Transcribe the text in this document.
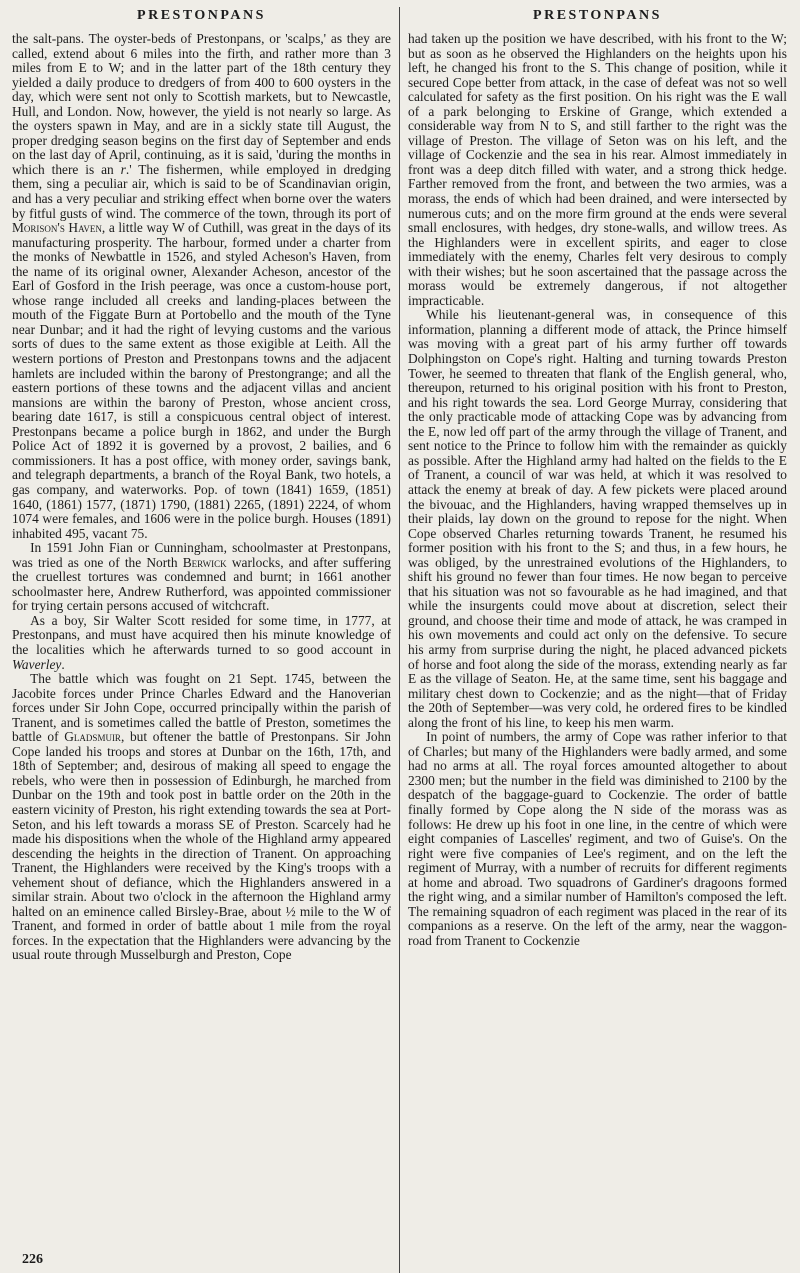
PRESTONPANS

the salt-pans. The oyster-beds of Prestonpans, or 'scalps,' as they are called, extend about 6 miles into the firth, and rather more than 3 miles from E to W; and in the latter part of the 18th century they yielded a daily produce to dredgers of from 400 to 600 oysters in the day, which were sent not only to Scottish markets, but to Newcastle, Hull, and London. Now, however, the yield is not nearly so large. As the oysters spawn in May, and are in a sickly state till August, the proper dredging season begins on the first day of September and ends on the last day of April, continuing, as it is said, 'during the months in which there is an r.' The fishermen, while employed in dredging them, sing a peculiar air, which is said to be of Scandinavian origin, and has a very peculiar and striking effect when borne over the waters by fitful gusts of wind. The commerce of the town, through its port of Morison's Haven, a little way W of Cuthill, was great in the days of its manufacturing prosperity. The harbour, formed under a charter from the monks of Newbattle in 1526, and styled Acheson's Haven, from the name of its original owner, Alexander Acheson, ancestor of the Earl of Gosford in the Irish peerage, was once a custom-house port, whose range included all creeks and landing-places between the mouth of the Figgate Burn at Portobello and the mouth of the Tyne near Dunbar; and it had the right of levying customs and the various sorts of dues to the same extent as those exigible at Leith. All the western portions of Preston and Prestonpans towns and the adjacent hamlets are included within the barony of Prestongrange; and all the eastern portions of these towns and the adjacent villas and ancient mansions are within the barony of Preston, whose ancient cross, bearing date 1617, is still a conspicuous central object of interest. Prestonpans became a police burgh in 1862, and under the Burgh Police Act of 1892 it is governed by a provost, 2 bailies, and 6 commissioners. It has a post office, with money order, savings bank, and telegraph departments, a branch of the Royal Bank, two hotels, a gas company, and waterworks. Pop. of town (1841) 1659, (1851) 1640, (1861) 1577, (1871) 1790, (1881) 2265, (1891) 2224, of whom 1074 were females, and 1606 were in the police burgh. Houses (1891) inhabited 495, vacant 75.

In 1591 John Fian or Cunningham, schoolmaster at Prestonpans, was tried as one of the North Berwick warlocks, and after suffering the cruellest tortures was condemned and burnt; in 1661 another schoolmaster here, Andrew Rutherford, was appointed commissioner for trying certain persons accused of witchcraft.

As a boy, Sir Walter Scott resided for some time, in 1777, at Prestonpans, and must have acquired then his minute knowledge of the localities which he afterwards turned to so good account in Waverley.

The battle which was fought on 21 Sept. 1745, between the Jacobite forces under Prince Charles Edward and the Hanoverian forces under Sir John Cope, occurred principally within the parish of Tranent, and is sometimes called the battle of Preston, sometimes the battle of Gladsmuir, but oftener the battle of Prestonpans. Sir John Cope landed his troops and stores at Dunbar on the 16th, 17th, and 18th of September; and, desirous of making all speed to engage the rebels, who were then in possession of Edinburgh, he marched from Dunbar on the 19th and took post in battle order on the 20th in the eastern vicinity of Preston, his right extending towards the sea at Port-Seton, and his left towards a morass SE of Preston. Scarcely had he made his dispositions when the whole of the Highland army appeared descending the heights in the direction of Tranent. On approaching Tranent, the Highlanders were received by the King's troops with a vehement shout of defiance, which the Highlanders answered in a similar strain. About two o'clock in the afternoon the Highland army halted on an eminence called Birsley-Brae, about ½ mile to the W of Tranent, and formed in order of battle about 1 mile from the royal forces. In the expectation that the Highlanders were advancing by the usual route through Musselburgh and Preston, Cope

PRESTONPANS

had taken up the position we have described, with his front to the W; but as soon as he observed the Highlanders on the heights upon his left, he changed his front to the S. This change of position, while it secured Cope better from attack, in the case of defeat was not so well calculated for safety as the first position. On his right was the E wall of a park belonging to Erskine of Grange, which extended a considerable way from N to S, and still farther to the right was the village of Preston. The village of Seton was on his left, and the village of Cockenzie and the sea in his rear. Almost immediately in front was a deep ditch filled with water, and a strong thick hedge. Farther removed from the front, and between the two armies, was a morass, the ends of which had been drained, and were intersected by numerous cuts; and on the more firm ground at the ends were several small enclosures, with hedges, dry stone-walls, and willow trees. As the Highlanders were in excellent spirits, and eager to close immediately with the enemy, Charles felt very desirous to comply with their wishes; but he soon ascertained that the passage across the morass would be extremely dangerous, if not altogether impracticable.

While his lieutenant-general was, in consequence of this information, planning a different mode of attack, the Prince himself was moving with a great part of his army further off towards Dolphingston on Cope's right. Halting and turning towards Preston Tower, he seemed to threaten that flank of the English general, who, thereupon, returned to his original position with his front to Preston, and his right towards the sea. Lord George Murray, considering that the only practicable mode of attacking Cope was by advancing from the E, now led off part of the army through the village of Tranent, and sent notice to the Prince to follow him with the remainder as quickly as possible. After the Highland army had halted on the fields to the E of Tranent, a council of war was held, at which it was resolved to attack the enemy at break of day. A few pickets were placed around the bivouac, and the Highlanders, having wrapped themselves up in their plaids, lay down on the ground to repose for the night. When Cope observed Charles returning towards Tranent, he resumed his former position with his front to the S; and thus, in a few hours, he was obliged, by the unrestrained evolutions of the Highlanders, to shift his ground no fewer than four times. He now began to perceive that his situation was not so favourable as he had imagined, and that while the insurgents could move about at discretion, select their ground, and choose their time and mode of attack, he was cramped in his own movements and could act only on the defensive. To secure his army from surprise during the night, he placed advanced pickets of horse and foot along the side of the morass, extending nearly as far E as the village of Seaton. He, at the same time, sent his baggage and military chest down to Cockenzie; and as the night—that of Friday the 20th of September—was very cold, he ordered fires to be kindled along the front of his line, to keep his men warm.

In point of numbers, the army of Cope was rather inferior to that of Charles; but many of the Highlanders were badly armed, and some had no arms at all. The royal forces amounted altogether to about 2300 men; but the number in the field was diminished to 2100 by the despatch of the baggage-guard to Cockenzie. The order of battle finally formed by Cope along the N side of the morass was as follows: He drew up his foot in one line, in the centre of which were eight companies of Lascelles' regiment, and two of Guise's. On the right were five companies of Lee's regiment, and on the left the regiment of Murray, with a number of recruits for different regiments at home and abroad. Two squadrons of Gardiner's dragoons formed the right wing, and a similar number of Hamilton's composed the left. The remaining squadron of each regiment was placed in the rear of its companions as a reserve. On the left of the army, near the waggon-road from Tranent to Cockenzie

226
